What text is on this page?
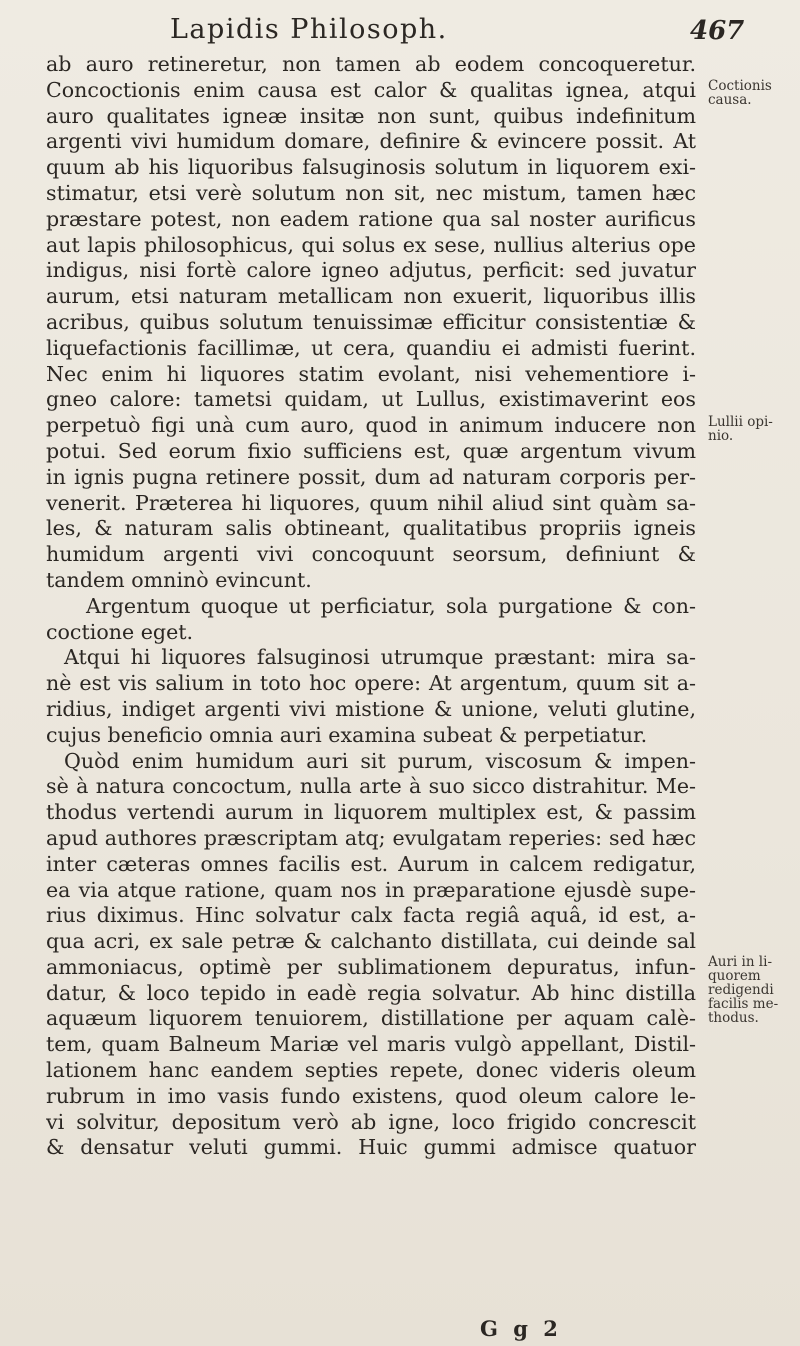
Lapidis Philosoph.	467
ab auro retineretur, non tamen ab eodem concoqueretur.
Concoctionis enim causa est calor & qualitas ignea, atqui
auro qualitates igneæ insitæ non sunt, quibus indefinitum
argenti vivi humidum domare, definire & evincere possit. At
quum ab his liquoribus falsuginosis solutum in liquorem exi-
stimatur, etsi verè solutum non sit, nec mistum, tamen hæc
præstare potest, non eadem ratione qua sal noster aurificus
aut lapis philosophicus, qui solus ex sese, nullius alterius ope
indigus, nisi fortè calore igneo adjutus, perficit: sed juvatur
aurum, etsi naturam metallicam non exuerit, liquoribus illis
acribus, quibus solutum tenuissimæ efficitur consistentiæ &
liquefactionis facillimæ, ut cera, quandiu ei admisti fuerint.
Nec enim hi liquores statim evolant, nisi vehementiore i-
gneo calore: tametsi quidam, ut Lullus, existimaverint eos
perpetuò figi unà cum auro, quod in animum inducere non
potui. Sed eorum fixio sufficiens est, quæ argentum vivum
in ignis pugna retinere possit, dum ad naturam corporis per-
venerit. Præterea hi liquores, quum nihil aliud sint quàm sa-
les, & naturam salis obtineant, qualitatibus propriis igneis
humidum argenti vivi concoquunt seorsum, definiunt &
tandem omninò evincunt.
Argentum quoque ut perficiatur, sola purgatione & con-
coctione eget.
Atqui hi liquores falsuginosi utrumque præstant: mira sa-
nè est vis salium in toto hoc opere: At argentum, quum sit a-
ridius, indiget argenti vivi mistione & unione, veluti glutine,
cujus beneficio omnia auri examina subeat & perpetiatur.
Quòd enim humidum auri sit purum, viscosum & impen-
sè à natura concoctum, nulla arte à suo sicco distrahitur. Me-
thodus vertendi aurum in liquorem multiplex est, & passim
apud authores præscriptam atq; evulgatam reperies: sed hæc
inter cæteras omnes facilis est. Aurum in calcem redigatur,
ea via atque ratione, quam nos in præparatione ejusdè supe-
rius diximus. Hinc solvatur calx facta regiâ aquâ, id est, a-
qua acri, ex sale petræ & calchanto distillata, cui deinde sal
ammoniacus, optimè per sublimationem depuratus, infun-
datur, & loco tepido in eadè regia solvatur. Ab hinc distilla
aquæum liquorem tenuiorem, distillatione per aquam calè-
tem, quam Balneum Mariæ vel maris vulgò appellant, Distil-
lationem hanc eandem septies repete, donec videris oleum
rubrum in imo vasis fundo existens, quod oleum calore le-
vi solvitur, depositum verò ab igne, loco frigido concrescit
& densatur veluti gummi. Huic gummi admisce quatuor
Coctionis
causa.
Lullii opi-
nio.
Auri in li-
quorem
redigendi
facilis me-
thodus.
G g 2
